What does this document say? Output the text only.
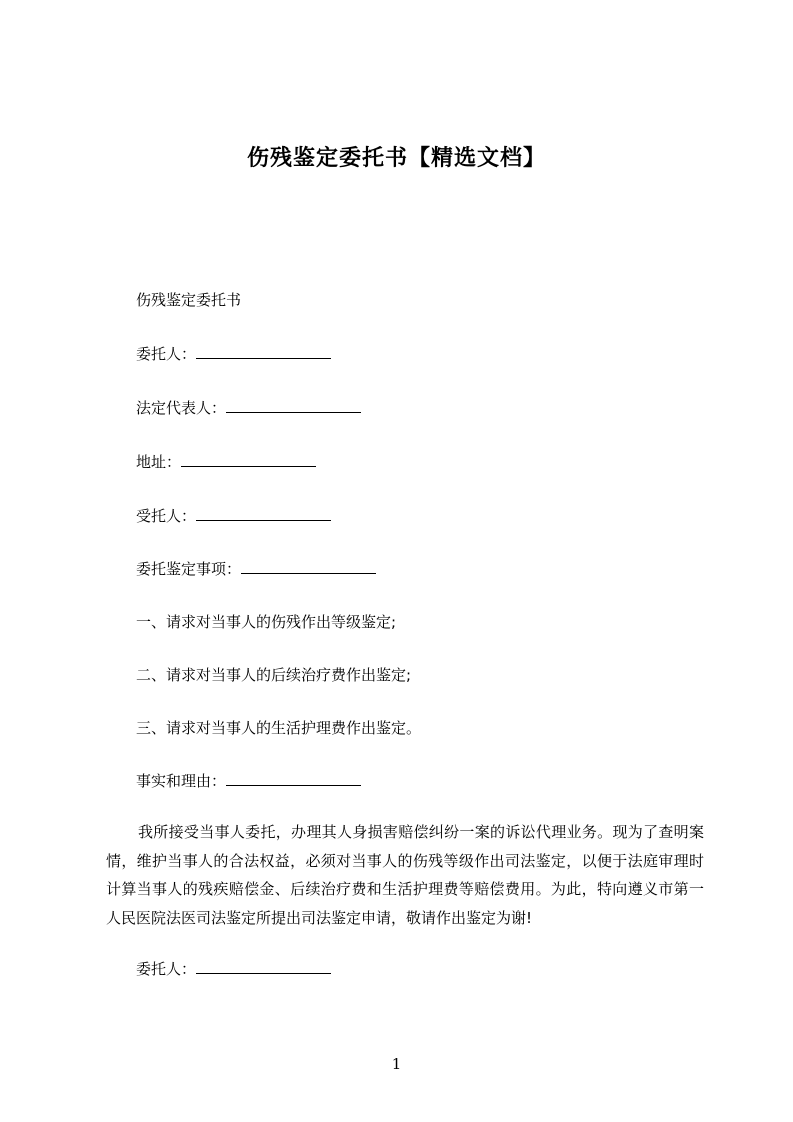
伤残鉴定委托书【精选文档】
伤残鉴定委托书
委托人：
法定代表人：
地址：
受托人：
委托鉴定事项：
一、请求对当事人的伤残作出等级鉴定;
二、请求对当事人的后续治疗费作出鉴定;
三、请求对当事人的生活护理费作出鉴定。
事实和理由：
我所接受当事人委托，办理其人身损害赔偿纠纷一案的诉讼代理业务。现为了查明案情，维护当事人的合法权益，必须对当事人的伤残等级作出司法鉴定，以便于法庭审理时计算当事人的残疾赔偿金、后续治疗费和生活护理费等赔偿费用。为此，特向遵义市第一人民医院法医司法鉴定所提出司法鉴定申请，敬请作出鉴定为谢!
委托人：
1
